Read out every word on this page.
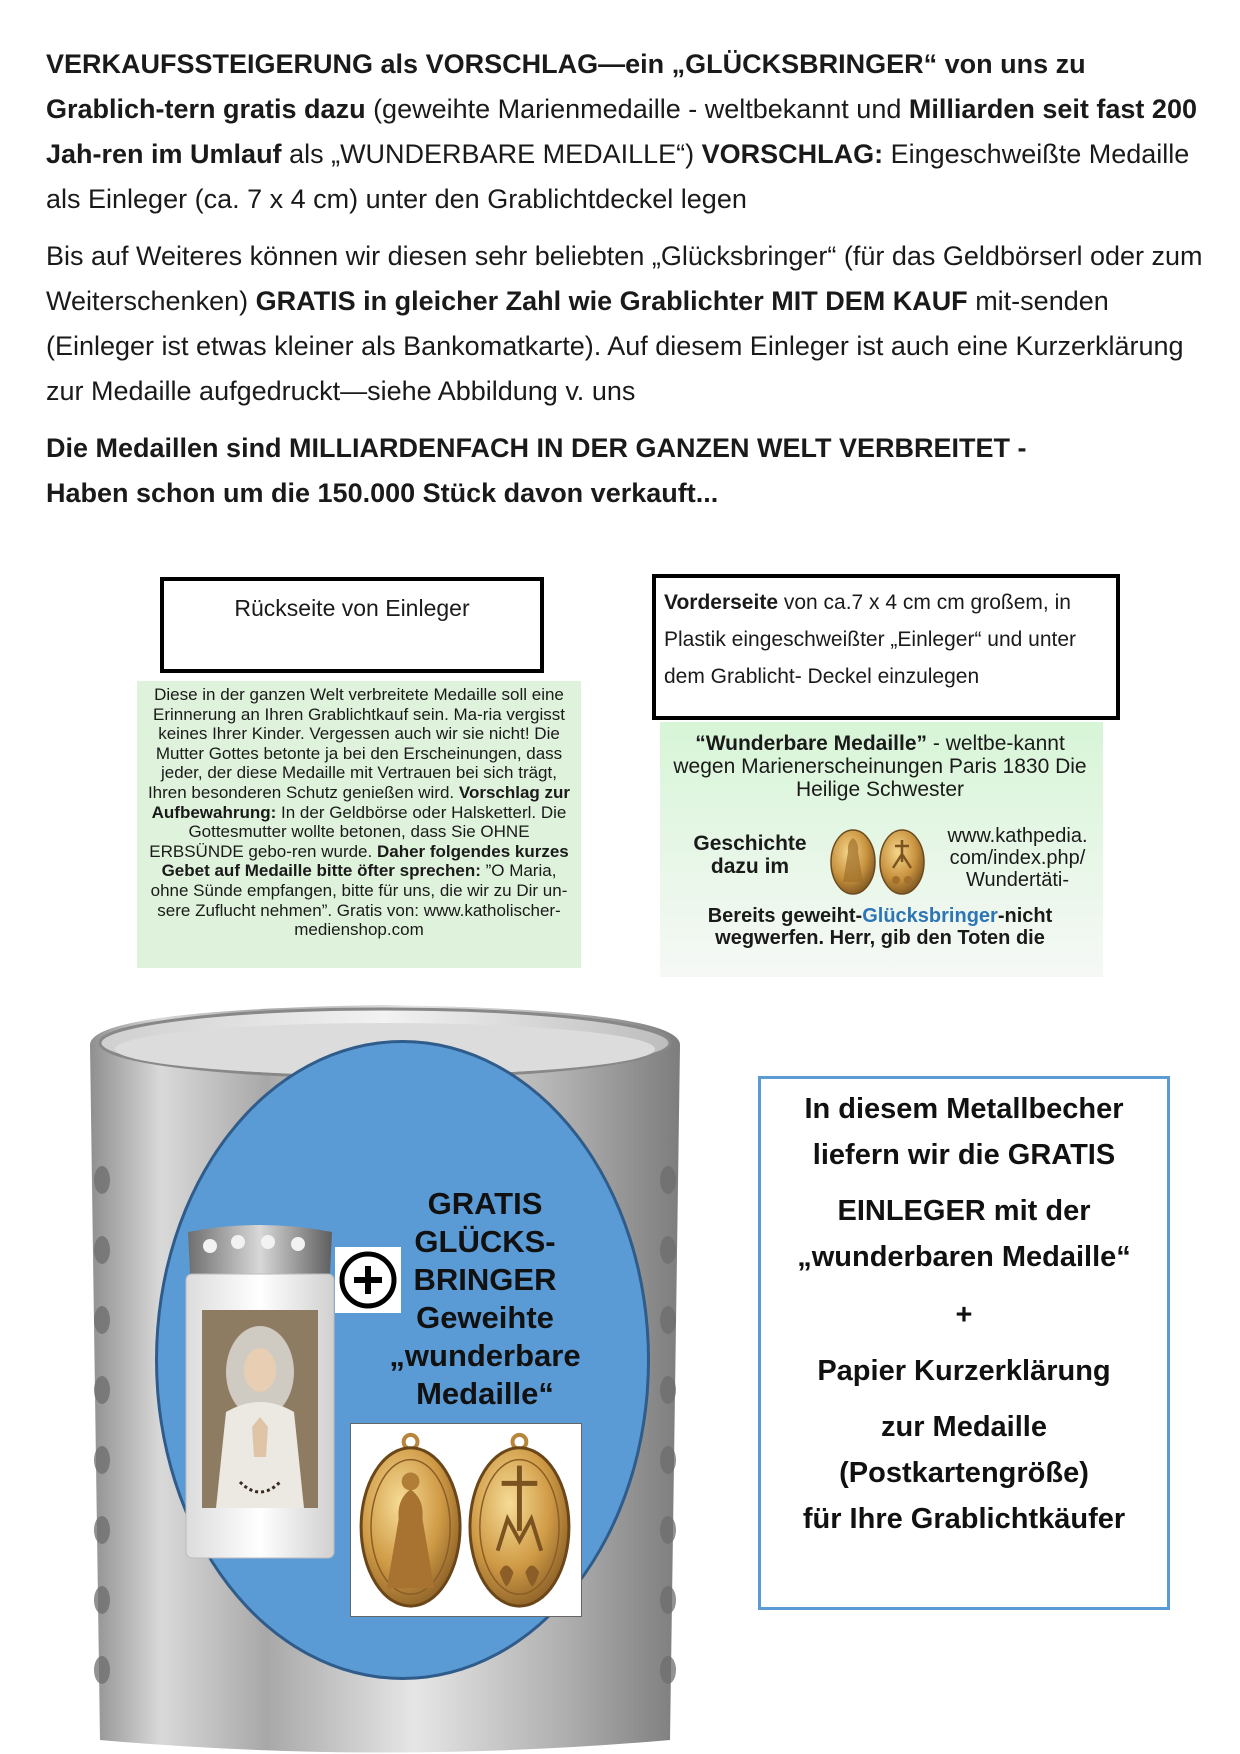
VERKAUFSSTEIGERUNG als VORSCHLAG—ein „GLÜCKSBRINGER“ von uns zu Grablich-tern gratis dazu (geweihte Marienmedaille - weltbekannt und Milliarden seit fast 200 Jah-ren im Umlauf als „WUNDERBARE MEDAILLE“) VORSCHLAG: Eingeschweißte Medaille als Einleger (ca. 7 x 4 cm) unter den Grablichtdeckel legen

Bis auf Weiteres können wir diesen sehr beliebten „Glücksbringer“ (für das Geldbörserl oder zum Weiterschenken) GRATIS in gleicher Zahl wie Grablichter MIT DEM KAUF mit-senden (Einleger ist etwas kleiner als Bankomatkarte). Auf diesem Einleger ist auch eine Kurzerklärung zur Medaille aufgedruckt—siehe Abbildung v. uns

Die Medaillen sind MILLIARDENFACH IN DER GANZEN WELT VERBREITET -
Haben schon um die 150.000 Stück davon verkauft...

Rückseite von Einleger	Vorderseite von ca.7 x 4 cm cm großem, in Plastik eingeschweißter „Einleger“ und unter dem Grablicht- Deckel einzulegen
Diese in der ganzen Welt verbreitete Medaille soll eine Erinnerung an Ihren Grablichtkauf sein. Ma-ria vergisst keines Ihrer Kinder. Vergessen auch wir sie nicht! Die Mutter Gottes betonte ja bei den Erscheinungen, dass jeder, der diese Medaille mit Vertrauen bei sich trägt, Ihren besonderen Schutz genießen wird. Vorschlag zur Aufbewahrung: In der Geldbörse oder Halsketterl. Die Gottesmutter wollte betonen, dass Sie OHNE ERBSÜNDE gebo-ren wurde. Daher folgendes kurzes Gebet auf Medaille bitte öfter sprechen: ”O Maria, ohne Sünde empfangen, bitte für uns, die wir zu Dir un-sere Zuflucht nehmen”. Gratis von: www.katholischer-medienshop.com
“Wunderbare Medaille” - weltbe-kannt wegen Marienerscheinungen Paris 1830 Die Heilige Schwester
Geschichte dazu im
www.kathpedia. com/index.php/ Wundertäti-
Bereits geweiht-Glücksbringer-nicht wegwerfen. Herr, gib den Toten die
GRATIS
GLÜCKS-
BRINGER
Geweihte
„wunderbare
Medaille“
In diesem Metallbecher
liefern wir die GRATIS
EINLEGER mit der
„wunderbaren Medaille“
+
Papier Kurzerklärung
zur Medaille
(Postkartengröße)
für Ihre Grablichtkäufer
